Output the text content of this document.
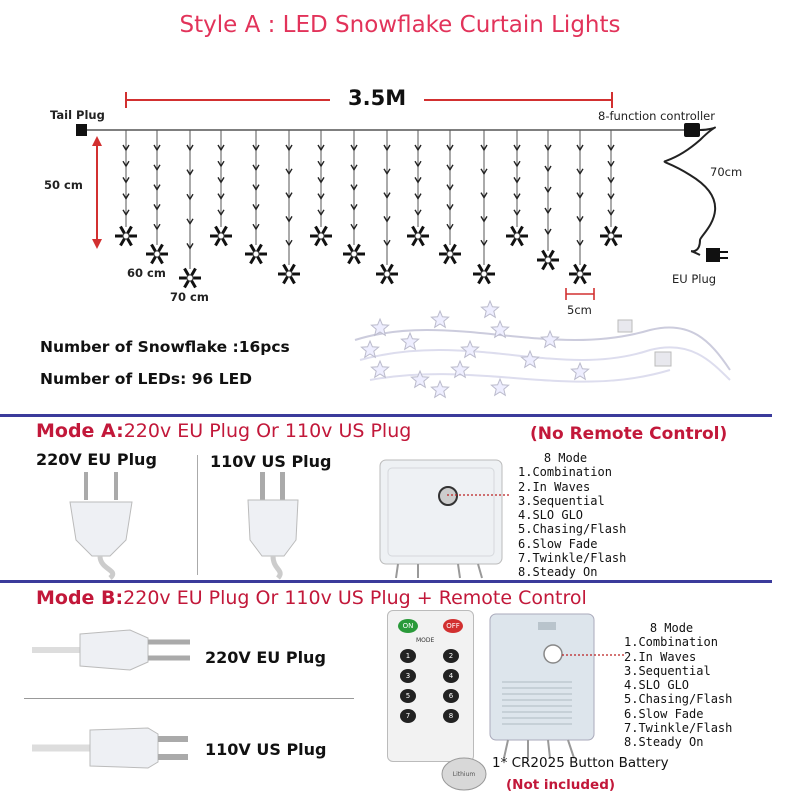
Style A : LED Snowflake Curtain Lights
Tail Plug
3.5M
8-function controller
50 cm
60 cm
70 cm
70cm
EU Plug
5cm
Number of Snowflake :16pcs
Number of LEDs: 96 LED
Mode A:220v EU Plug Or 110v US Plug	(No Remote Control)
220V EU Plug	110V US Plug	8 Mode
1.Combination
2.In Waves
3.Sequential
4.SLO GLO
5.Chasing/Flash
6.Slow Fade
7.Twinkle/Flash
8.Steady On
Mode B:220v EU Plug Or 110v US Plug + Remote Control
220V EU Plug
110V US Plug
ON	OFF
MODE
1	2
3	4
5	6
7	8
8 Mode
1.Combination
2.In Waves
3.Sequential
4.SLO GLO
5.Chasing/Flash
6.Slow Fade
7.Twinkle/Flash
8.Steady On
Lithium
1* CR2025 Button Battery
(Not included)
